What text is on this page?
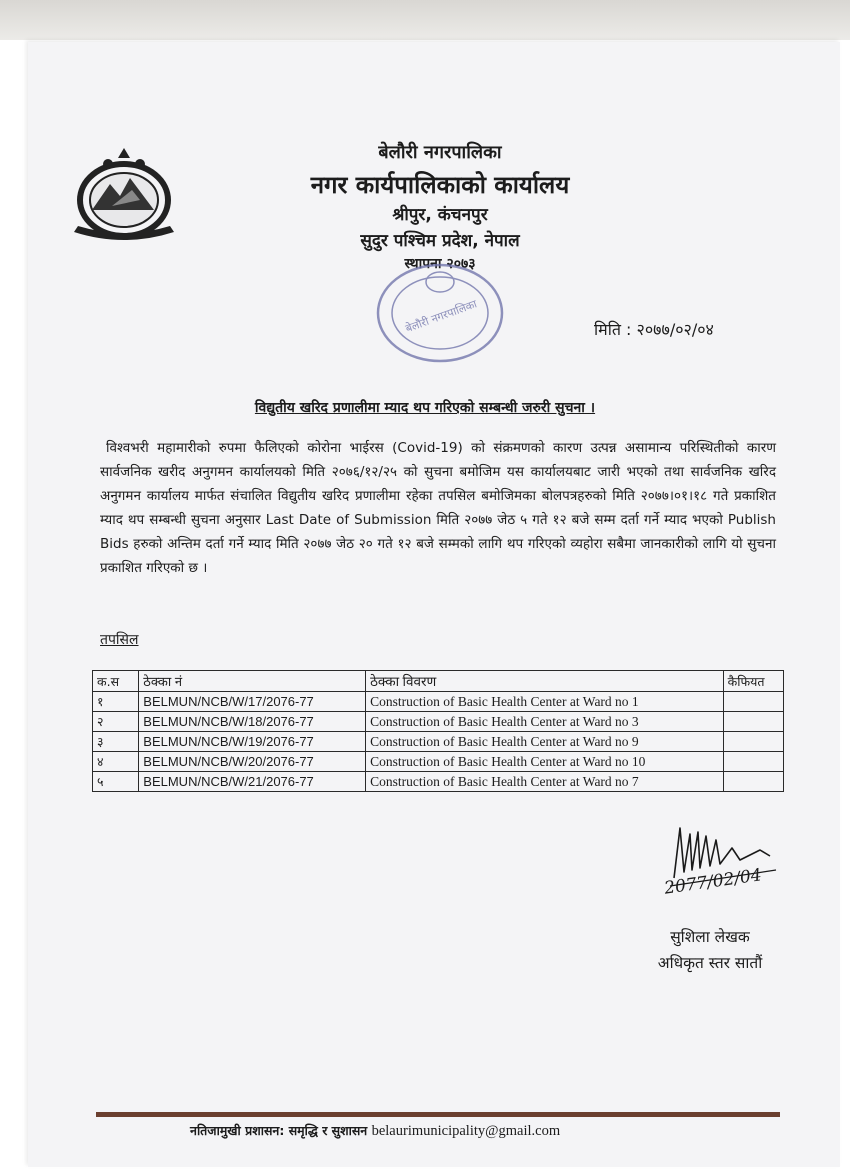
बेलौरी नगरपालिका
नगर कार्यपालिकाको कार्यालय
श्रीपुर, कंचनपुर
सुदुर पश्चिम प्रदेश, नेपाल
स्थापना २०७३
बेलौरी नगरपालिका	मिति : २०७७/०२/०४
विद्युतीय खरिद प्रणालीमा म्याद थप गरिएको सम्बन्धी जरुरी सुचना ।
विश्वभरी महामारीको रुपमा फैलिएको कोरोना भाईरस (Covid-19) को संक्रमणको कारण उत्पन्न असामान्य परिस्थितीको कारण सार्वजनिक खरीद अनुगमन कार्यालयको मिति २०७६/१२/२५ को सुचना बमोजिम यस कार्यालयबाट जारी भएको तथा सार्वजनिक खरिद अनुगमन कार्यालय मार्फत संचालित विद्युतीय खरिद प्रणालीमा रहेका तपसिल बमोजिमका बोलपत्रहरुको मिति २०७७।०१।१८ गते प्रकाशित म्याद थप सम्बन्धी सुचना अनुसार Last Date of Submission मिति २०७७ जेठ ५ गते १२ बजे सम्म दर्ता गर्ने म्याद भएको Publish Bids हरुको अन्तिम दर्ता गर्ने म्याद मिति २०७७ जेठ २० गते १२ बजे सम्मको लागि थप गरिएको व्यहोरा सबैमा जानकारीको लागि यो सुचना प्रकाशित गरिएको छ ।
तपसिल
क.स	ठेक्का नं	ठेक्का विवरण	कैफियत
१	BELMUN/NCB/W/17/2076-77	Construction of Basic Health Center at Ward no 1	
२	BELMUN/NCB/W/18/2076-77	Construction of Basic Health Center at Ward no 3	
३	BELMUN/NCB/W/19/2076-77	Construction of Basic Health Center at Ward no 9	
४	BELMUN/NCB/W/20/2076-77	Construction of Basic Health Center at Ward no 10	
५	BELMUN/NCB/W/21/2076-77	Construction of Basic Health Center at Ward no 7	
2077/02/04
सुशिला लेखक
अधिकृत स्तर सातौं
नतिजामुखी प्रशासन: समृद्धि र सुशासन belaurimunicipality@gmail.com
